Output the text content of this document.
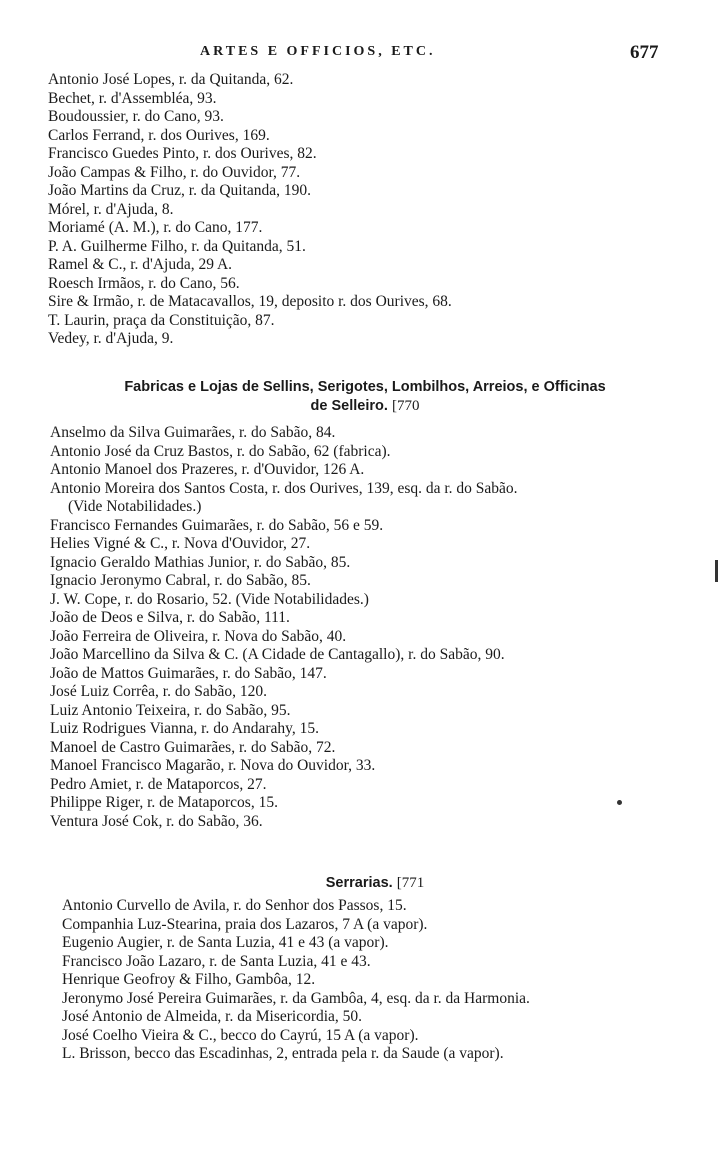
ARTES E OFFICIOS, ETC.	677
Antonio José Lopes, r. da Quitanda, 62.
Bechet, r. d'Assembléa, 93.
Boudoussier, r. do Cano, 93.
Carlos Ferrand, r. dos Ourives, 169.
Francisco Guedes Pinto, r. dos Ourives, 82.
João Campas & Filho, r. do Ouvidor, 77.
João Martins da Cruz, r. da Quitanda, 190.
Mórel, r. d'Ajuda, 8.
Moriamé (A. M.), r. do Cano, 177.
P. A. Guilherme Filho, r. da Quitanda, 51.
Ramel & C., r. d'Ajuda, 29 A.
Roesch Irmãos, r. do Cano, 56.
Sire & Irmão, r. de Matacavallos, 19, deposito r. dos Ourives, 68.
T. Laurin, praça da Constituição, 87.
Vedey, r. d'Ajuda, 9.
Fabricas e Lojas de Sellins, Serigotes, Lombilhos, Arreios, e Officinas
de Selleiro. [770
Anselmo da Silva Guimarães, r. do Sabão, 84.
Antonio José da Cruz Bastos, r. do Sabão, 62 (fabrica).
Antonio Manoel dos Prazeres, r. d'Ouvidor, 126 A.
Antonio Moreira dos Santos Costa, r. dos Ourives, 139, esq. da r. do Sabão.
(Vide Notabilidades.)
Francisco Fernandes Guimarães, r. do Sabão, 56 e 59.
Helies Vigné & C., r. Nova d'Ouvidor, 27.
Ignacio Geraldo Mathias Junior, r. do Sabão, 85.
Ignacio Jeronymo Cabral, r. do Sabão, 85.
J. W. Cope, r. do Rosario, 52. (Vide Notabilidades.)
João de Deos e Silva, r. do Sabão, 111.
João Ferreira de Oliveira, r. Nova do Sabão, 40.
João Marcellino da Silva & C. (A Cidade de Cantagallo), r. do Sabão, 90.
João de Mattos Guimarães, r. do Sabão, 147.
José Luiz Corrêa, r. do Sabão, 120.
Luiz Antonio Teixeira, r. do Sabão, 95.
Luiz Rodrigues Vianna, r. do Andarahy, 15.
Manoel de Castro Guimarães, r. do Sabão, 72.
Manoel Francisco Magarão, r. Nova do Ouvidor, 33.
Pedro Amiet, r. de Mataporcos, 27.
Philippe Riger, r. de Mataporcos, 15.
Ventura José Cok, r. do Sabão, 36.
Serrarias. [771
Antonio Curvello de Avila, r. do Senhor dos Passos, 15.
Companhia Luz-Stearina, praia dos Lazaros, 7 A (a vapor).
Eugenio Augier, r. de Santa Luzia, 41 e 43 (a vapor).
Francisco João Lazaro, r. de Santa Luzia, 41 e 43.
Henrique Geofroy & Filho, Gambôa, 12.
Jeronymo José Pereira Guimarães, r. da Gambôa, 4, esq. da r. da Harmonia.
José Antonio de Almeida, r. da Misericordia, 50.
José Coelho Vieira & C., becco do Cayrú, 15 A (a vapor).
L. Brisson, becco das Escadinhas, 2, entrada pela r. da Saude (a vapor).
